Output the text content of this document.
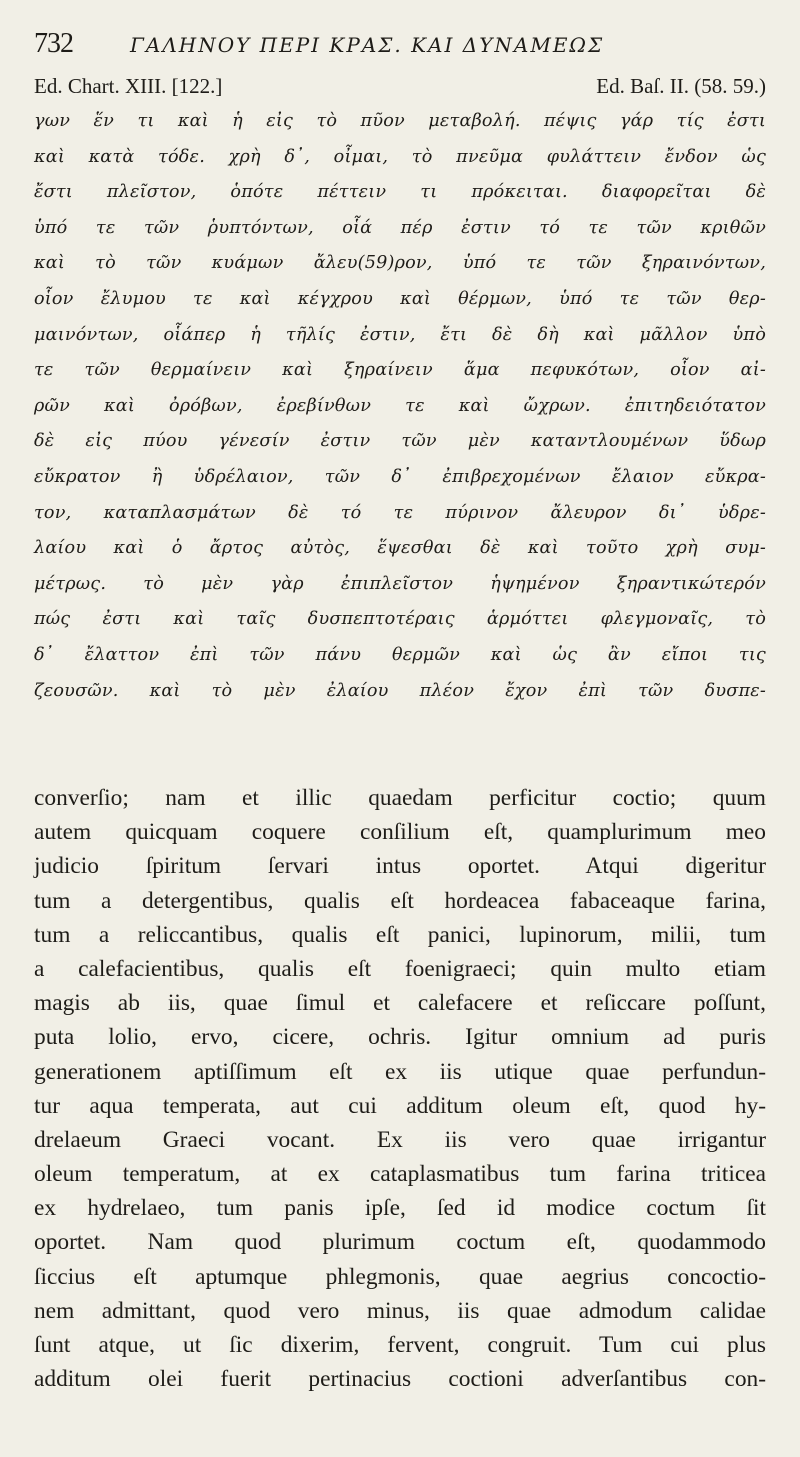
732	ΓΑΛΗΝΟΥ ΠΕΡΙ ΚΡΑΣ. ΚΑΙ ΔΥΝΑΜΕΩΣ
Ed. Chart. XIII. [122.]	Ed. Baſ. II. (58. 59.)
γων ἕν τι καὶ ἡ εἰς τὸ πῦον μεταβολή. πέψις γάρ τίς ἐστι
καὶ κατὰ τόδε. χρὴ δ᾽, οἶμαι, τὸ πνεῦμα φυλάττειν ἔνδον ὡς
ἔστι πλεῖστον, ὁπότε πέττειν τι πρόκειται. διαφορεῖται δὲ
ὑπό τε τῶν ῥυπτόντων, οἷά πέρ ἐστιν τό τε τῶν κριθῶν
καὶ τὸ τῶν κυάμων ἄλευ(59)ρον, ὑπό τε τῶν ξηραινόντων,
οἷον ἔλυμου τε καὶ κέγχρου καὶ θέρμων, ὑπό τε τῶν θερ-
μαινόντων, οἷάπερ ἡ τῆλίς ἐστιν, ἔτι δὲ δὴ καὶ μᾶλλον ὑπὸ
τε τῶν θερμαίνειν καὶ ξηραίνειν ἅμα πεφυκότων, οἷον αἰ-
ρῶν καὶ ὀρόβων, ἐρεβίνθων τε καὶ ὤχρων. ἐπιτηδειότατον
δὲ εἰς πύου γένεσίν ἐστιν τῶν μὲν καταντλουμένων ὕδωρ
εὔκρατον ἢ ὑδρέλαιον, τῶν δ᾽ ἐπιβρεχομένων ἔλαιον εὔκρα-
τον, καταπλασμάτων δὲ τό τε πύρινον ἄλευρον δι᾽ ὑδρε-
λαίου καὶ ὁ ἄρτος αὐτὸς, ἕψεσθαι δὲ καὶ τοῦτο χρὴ συμ-
μέτρως. τὸ μὲν γὰρ ἐπιπλεῖστον ἡψημένον ξηραντικώτερόν
πώς ἐστι καὶ ταῖς δυσπεπτοτέραις ἁρμόττει φλεγμοναῖς, τὸ
δ᾽ ἔλαττον ἐπὶ τῶν πάνυ θερμῶν καὶ ὡς ἂν εἴποι τις
ζεουσῶν. καὶ τὸ μὲν ἐλαίου πλέον ἔχον ἐπὶ τῶν δυσπε-
converſio; nam et illic quaedam perficitur coctio; quum
autem quicquam coquere conſilium eſt, quamplurimum meo
judicio ſpiritum ſervari intus oportet. Atqui digeritur
tum a detergentibus, qualis eſt hordeacea fabaceaque farina,
tum a reliccantibus, qualis eſt panici, lupinorum, milii, tum
a calefacientibus, qualis eſt foenigraeci; quin multo etiam
magis ab iis, quae ſimul et calefacere et reſiccare poſſunt,
puta lolio, ervo, cicere, ochris. Igitur omnium ad puris
generationem aptiſſimum eſt ex iis utique quae perfundun-
tur aqua temperata, aut cui additum oleum eſt, quod hy-
drelaeum Graeci vocant. Ex iis vero quae irrigantur
oleum temperatum, at ex cataplasmatibus tum farina triticea
ex hydrelaeo, tum panis ipſe, ſed id modice coctum ſit
oportet. Nam quod plurimum coctum eſt, quodammodo
ſiccius eſt aptumque phlegmonis, quae aegrius concoctio-
nem admittant, quod vero minus, iis quae admodum calidae
ſunt atque, ut ſic dixerim, fervent, congruit. Tum cui plus
additum olei fuerit pertinacius coctioni adverſantibus con-
